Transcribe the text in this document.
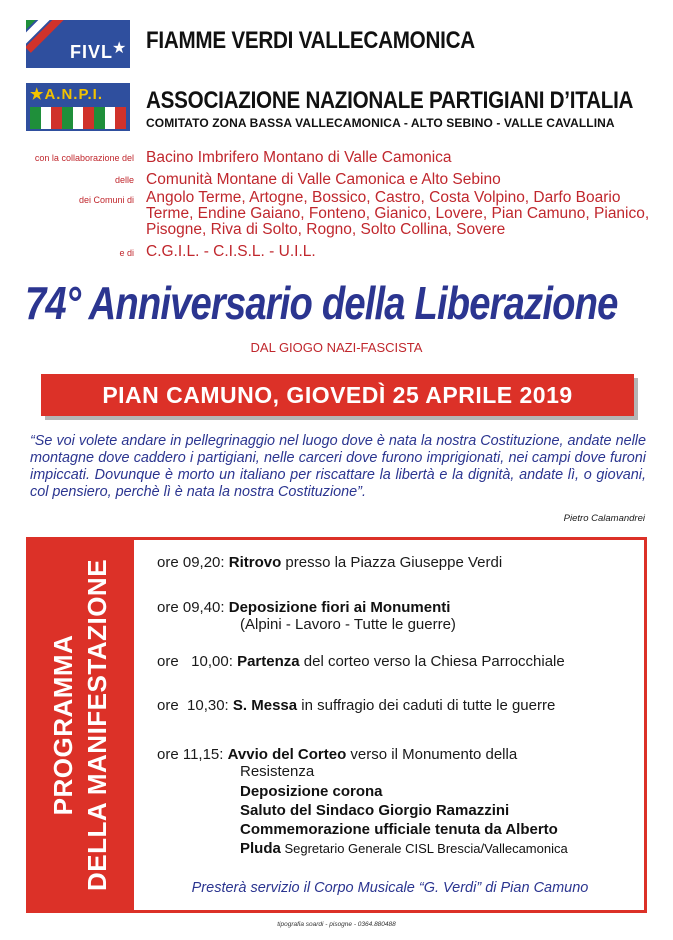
FIVL ★
★A.N.P.I.
FIAMME VERDI VALLECAMONICA
ASSOCIAZIONE NAZIONALE PARTIGIANI D’ITALIA
COMITATO ZONA BASSA VALLECAMONICA - ALTO SEBINO - VALLE CAVALLINA
con la collaborazione del Bacino Imbrifero Montano di Valle Camonica
delle Comunità Montane di Valle Camonica e Alto Sebino
dei Comuni di Angolo Terme, Artogne, Bossico, Castro, Costa Volpino, Darfo Boario Terme, Endine Gaiano, Fonteno, Gianico, Lovere, Pian Camuno, Pianico, Pisogne, Riva di Solto, Rogno, Solto Collina, Sovere
e di C.G.I.L. - C.I.S.L. - U.I.L.
74° Anniversario della Liberazione
DAL GIOGO NAZI-FASCISTA
PIAN CAMUNO, GIOVEDÌ 25 APRILE 2019
“Se voi volete andare in pellegrinaggio nel luogo dove è nata la nostra Costituzione, andate nelle montagne dove caddero i partigiani, nelle carceri dove furono imprigionati, nei campi dove furoni impiccati. Dovunque è morto un italiano per riscattare la libertà e la dignità, andate lì, o giovani, col pensiero, perchè lì è nata la nostra Costituzione”.
Pietro Calamandrei
PROGRAMMA DELLA MANIFESTAZIONE	ore 09,20: Ritrovo presso la Piazza Giuseppe Verdi
ore 09,40: Deposizione fiori ai Monumenti
(Alpini - Lavoro - Tutte le guerre)
ore   10,00: Partenza del corteo verso la Chiesa Parrocchiale
ore  10,30: S. Messa in suffragio dei caduti di tutte le guerre
ore 11,15: Avvio del Corteo verso il Monumento della
Resistenza
Deposizione corona
Saluto del Sindaco Giorgio Ramazzini
Commemorazione ufficiale tenuta da Alberto
Pluda Segretario Generale CISL Brescia/Vallecamonica
Presterà servizio il Corpo Musicale “G. Verdi” di Pian Camuno
tipografia soardi - pisogne - 0364.880488
